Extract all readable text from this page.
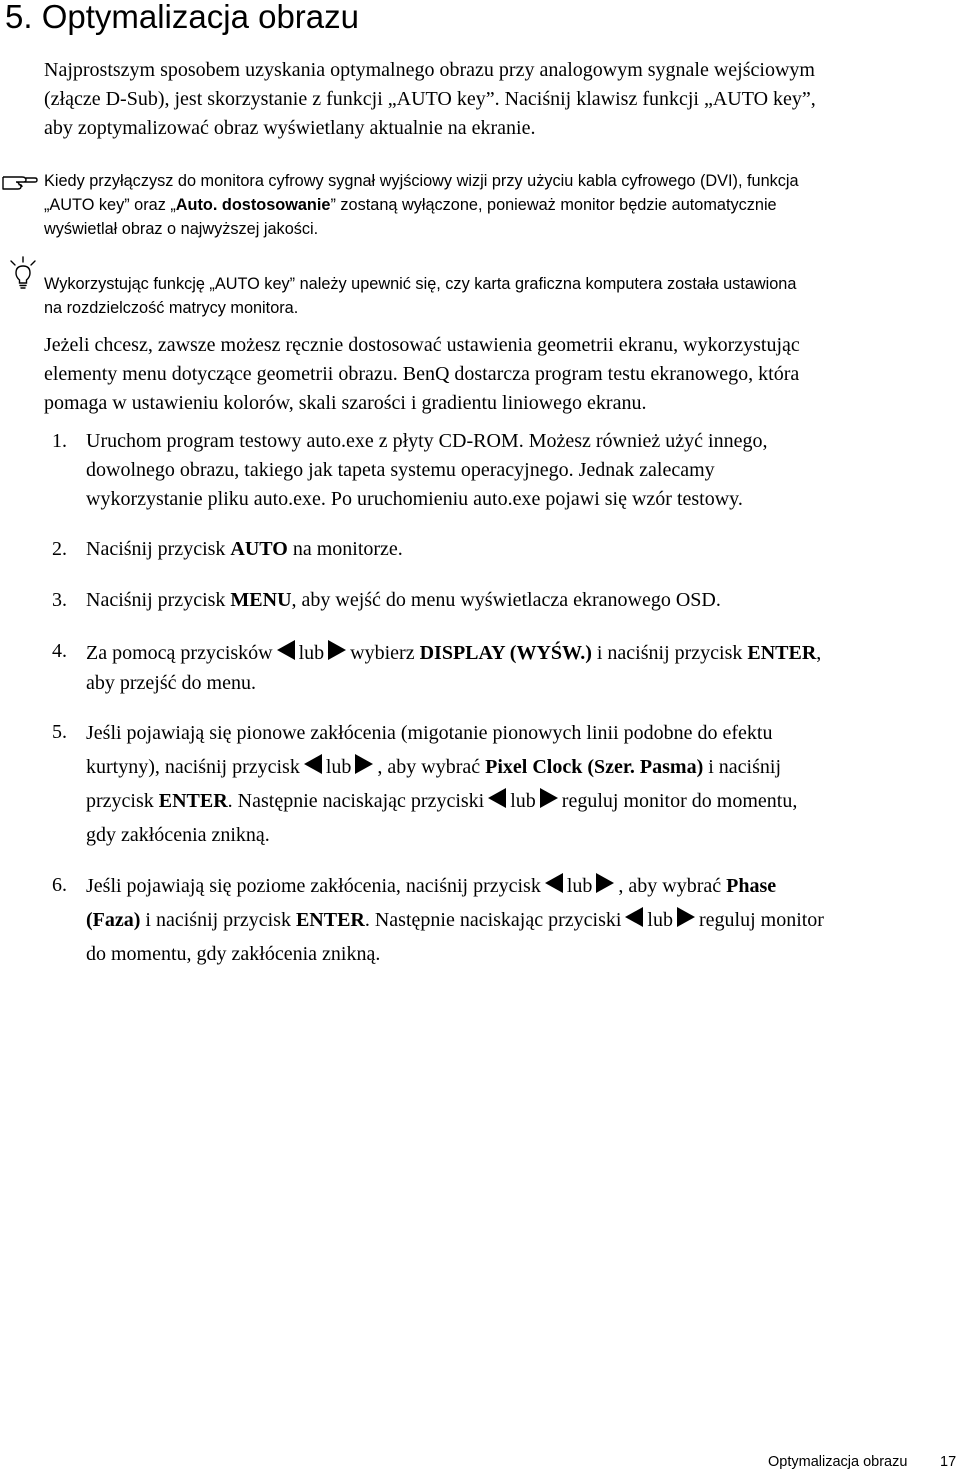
5. Optymalizacja obrazu

Najprostszym sposobem uzyskania optymalnego obrazu przy analogowym sygnale wejściowym
(złącze D-Sub), jest skorzystanie z funkcji „AUTO key”. Naciśnij klawisz funkcji „AUTO key”,
aby zoptymalizować obraz wyświetlany aktualnie na ekranie.

Kiedy przyłączysz do monitora cyfrowy sygnał wyjściowy wizji przy użyciu kabla cyfrowego (DVI), funkcja
„AUTO key” oraz „Auto. dostosowanie” zostaną wyłączone, ponieważ monitor będzie automatycznie
wyświetlał obraz o najwyższej jakości.
Wykorzystując funkcję „AUTO key” należy upewnić się, czy karta graficzna komputera została ustawiona
na rozdzielczość matrycy monitora.

Jeżeli chcesz, zawsze możesz ręcznie dostosować ustawienia geometrii ekranu, wykorzystując
elementy menu dotyczące geometrii obrazu. BenQ dostarcza program testu ekranowego, która
pomaga w ustawieniu kolorów, skali szarości i gradientu liniowego ekranu.

1. Uruchom program testowy auto.exe z płyty CD-ROM. Możesz również użyć innego,
dowolnego obrazu, takiego jak tapeta systemu operacyjnego. Jednak zalecamy
wykorzystanie pliku auto.exe. Po uruchomieniu auto.exe pojawi się wzór testowy.
2. Naciśnij przycisk AUTO na monitorze.
3. Naciśnij przycisk MENU, aby wejść do menu wyświetlacza ekranowego OSD.
4. Za pomocą przycisków lub wybierz DISPLAY (WYŚW.) i naciśnij przycisk ENTER,
aby przejść do menu.
5. Jeśli pojawiają się pionowe zakłócenia (migotanie pionowych linii podobne do efektu
kurtyny), naciśnij przycisk lub , aby wybrać Pixel Clock (Szer. Pasma) i naciśnij
przycisk ENTER. Następnie naciskając przyciski lub reguluj monitor do momentu,
gdy zakłócenia znikną.
6. Jeśli pojawiają się poziome zakłócenia, naciśnij przycisk lub , aby wybrać Phase
(Faza) i naciśnij przycisk ENTER. Następnie naciskając przyciski lub reguluj monitor
do momentu, gdy zakłócenia znikną.
Optymalizacja obrazu 17
